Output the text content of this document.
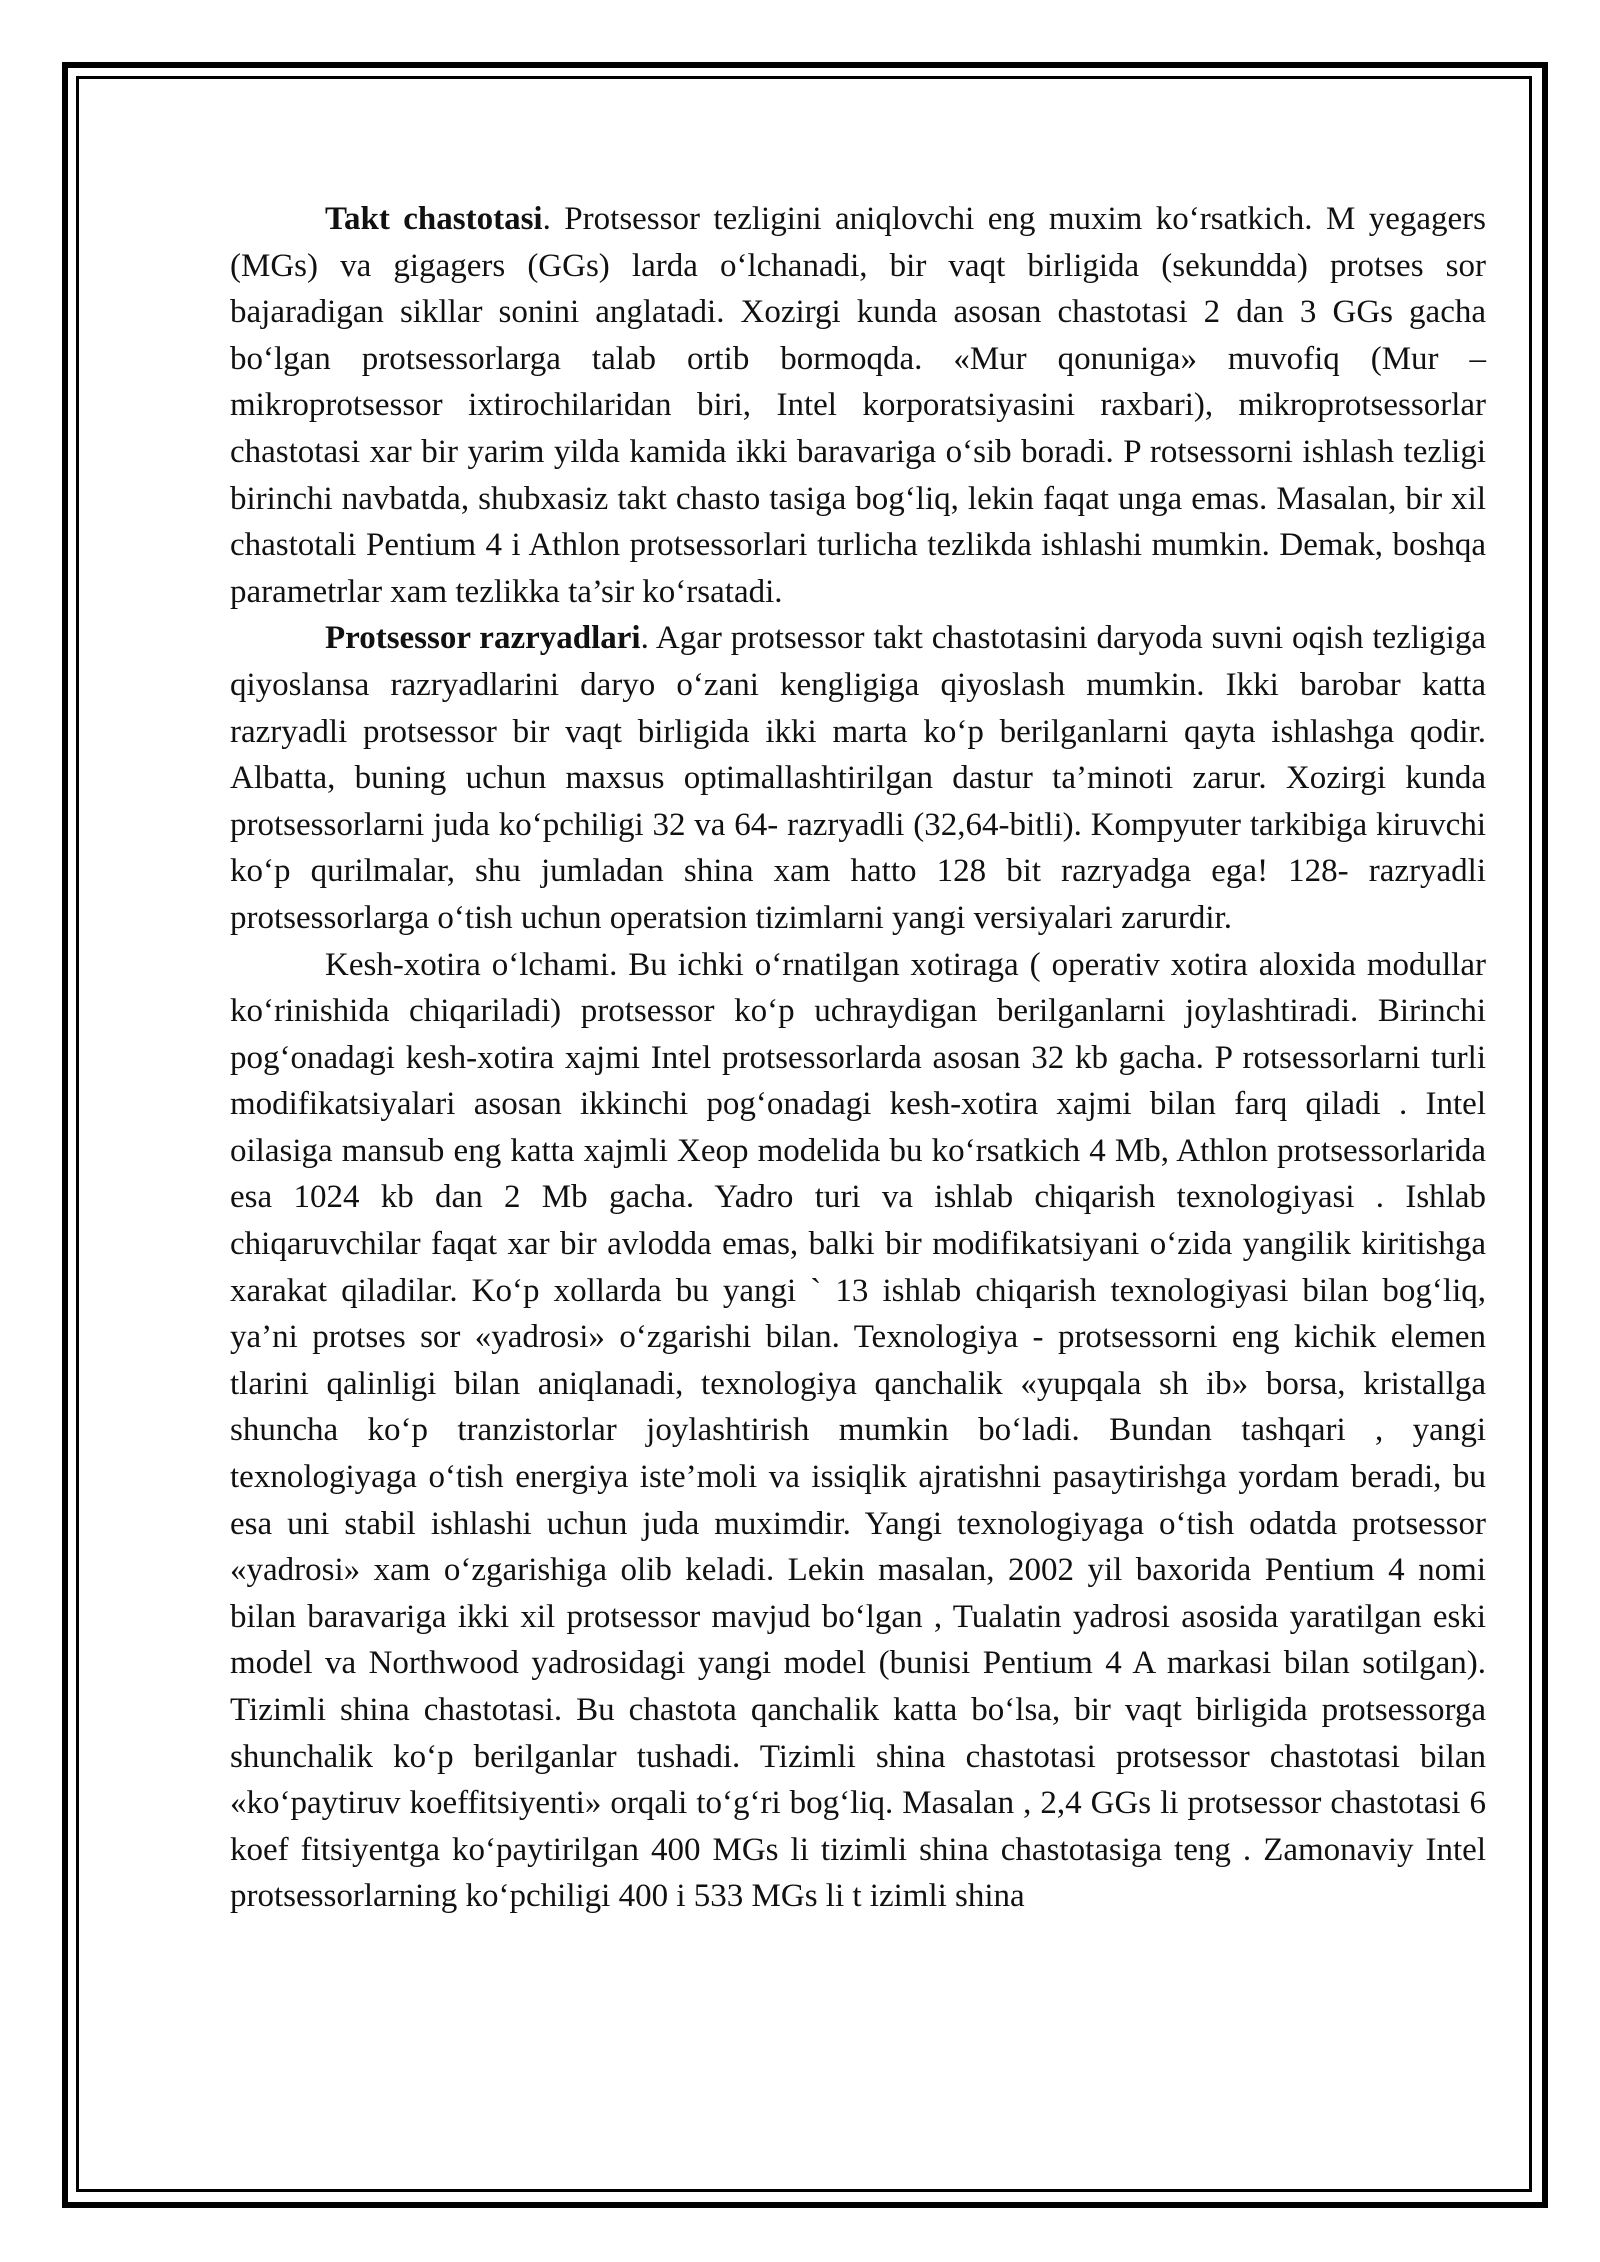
Takt chastotasi. Protsessor tezligini aniqlovchi eng muxim koʻrsatkich. M yegagers (MGs) va gigagers (GGs) larda oʻlchanadi, bir vaqt birligida (sekundda) protses sor bajaradigan sikllar sonini anglatadi. Xozirgi kunda asosan chastotasi 2 dan 3 GGs gacha boʻlgan protsessorlarga talab ortib bormoqda. «Mur qonuniga» muvofiq (Mur – mikroprotsessor ixtirochilaridan biri, Intel korporatsiyasini raxbari), mikroprotsessorlar chastotasi xar bir yarim yilda kamida ikki baravariga oʻsib boradi. P rotsessorni ishlash tezligi birinchi navbatda, shubxasiz takt chasto tasiga bogʻliq, lekin faqat unga emas. Masalan, bir xil chastotali Pentium 4 i Athlon protsessorlari turlicha tezlikda ishlashi mumkin. Demak, boshqa parametrlar xam tezlikka ta’sir koʻrsatadi.

Protsessor razryadlari. Agar protsessor takt chastotasini daryoda suvni oqish tezligiga qiyoslansa razryadlarini daryo oʻzani kengligiga qiyoslash mumkin. Ikki barobar katta razryadli protsessor bir vaqt birligida ikki marta koʻp berilganlarni qayta ishlashga qodir. Albatta, buning uchun maxsus optimallashtirilgan dastur ta’minoti zarur. Xozirgi kunda protsessorlarni juda koʻpchiligi 32 va 64- razryadli (32,64-bitli). Kompyuter tarkibiga kiruvchi koʻp qurilmalar, shu jumladan shina xam hatto 128 bit razryadga ega! 128- razryadli protsessorlarga oʻtish uchun operatsion tizimlarni yangi versiyalari zarurdir.

Kesh-xotira oʻlchami. Bu ichki oʻrnatilgan xotiraga ( operativ xotira aloxida modullar koʻrinishida chiqariladi) protsessor koʻp uchraydigan berilganlarni joylashtiradi. Birinchi pogʻonadagi kesh-xotira xajmi Intel protsessorlarda asosan 32 kb gacha. P rotsessorlarni turli modifikatsiyalari asosan ikkinchi pogʻonadagi kesh-xotira xajmi bilan farq qiladi . Intel oilasiga mansub eng katta xajmli Xeop modelida bu koʻrsatkich 4 Mb, Athlon protsessorlarida esa 1024 kb dan 2 Mb gacha. Yadro turi va ishlab chiqarish texnologiyasi . Ishlab chiqaruvchilar faqat xar bir avlodda emas, balki bir modifikatsiyani oʻzida yangilik kiritishga xarakat qiladilar. Koʻp xollarda bu yangi ` 13 ishlab chiqarish texnologiyasi bilan bogʻliq, ya’ni protses sor «yadrosi» oʻzgarishi bilan. Texnologiya - protsessorni eng kichik elemen tlarini qalinligi bilan aniqlanadi, texnologiya qanchalik «yupqala sh ib» borsa, kristallga shuncha koʻp tranzistorlar joylashtirish mumkin boʻladi. Bundan tashqari , yangi texnologiyaga oʻtish energiya iste’moli va issiqlik ajratishni pasaytirishga yordam beradi, bu esa uni stabil ishlashi uchun juda muximdir. Yangi texnologiyaga oʻtish odatda protsessor «yadrosi» xam oʻzgarishiga olib keladi. Lekin masalan, 2002 yil baxorida Pentium 4 nomi bilan baravariga ikki xil protsessor mavjud boʻlgan , Tualatin yadrosi asosida yaratilgan eski model va Northwood yadrosidagi yangi model (bunisi Pentium 4 A markasi bilan sotilgan). Tizimli shina chastotasi. Bu chastota qanchalik katta boʻlsa, bir vaqt birligida protsessorga shunchalik koʻp berilganlar tushadi. Tizimli shina chastotasi protsessor chastotasi bilan «koʻpaytiruv koeffitsiyenti» orqali toʻgʻri bogʻliq. Masalan , 2,4 GGs li protsessor chastotasi 6 koef fitsiyentga koʻpaytirilgan 400 MGs li tizimli shina chastotasiga teng . Zamonaviy Intel protsessorlarning koʻpchiligi 400 i 533 MGs li t izimli shina
